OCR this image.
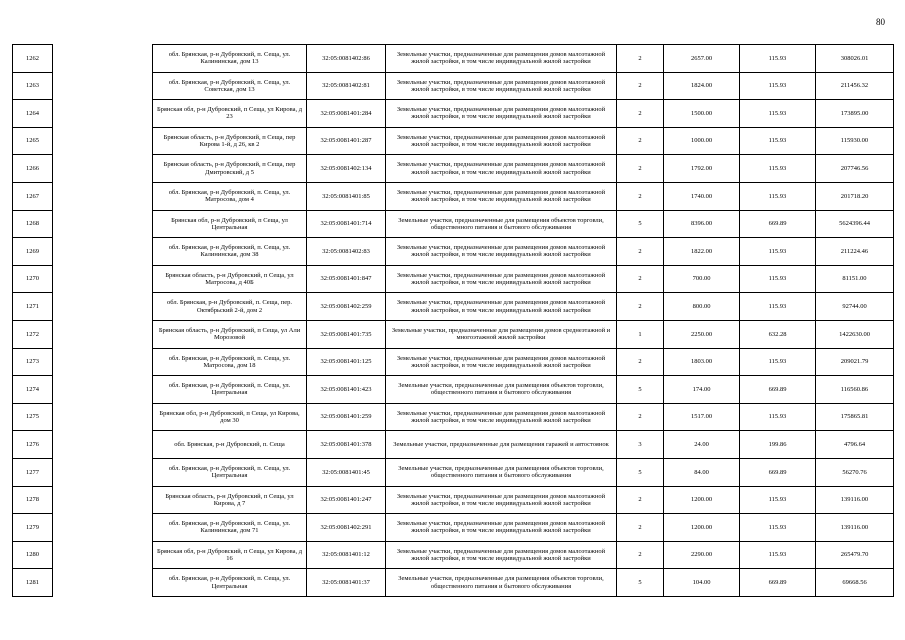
80
1262		обл. Брянская, р-н Дубровский, п. Сеща, ул. Калининская, дом 13	32:05:0081402:86	Земельные участки, предназначенные для размещения домов малоэтажной жилой застройки, в том числе индивидуальной жилой застройки	2	2657.00	115.93	308026.01
1263		обл. Брянская, р-н Дубровский, п. Сеща, ул. Советская, дом 13	32:05:0081402:81	Земельные участки, предназначенные для размещения домов малоэтажной жилой застройки, в том числе индивидуальной жилой застройки	2	1824.00	115.93	211456.32
1264		Брянская обл, р-н Дубровский, п Сеща, ул Кирова, д 23	32:05:0081401:284	Земельные участки, предназначенные для размещения домов малоэтажной жилой застройки, в том числе индивидуальной жилой застройки	2	1500.00	115.93	173895.00
1265		Брянская область, р-н Дубровский, п Сеща, пер Кирова 1-й, д 26, кв 2	32:05:0081401:287	Земельные участки, предназначенные для размещения домов малоэтажной жилой застройки, в том числе индивидуальной жилой застройки	2	1000.00	115.93	115930.00
1266		Брянская область, р-н Дубровский, п Сеща, пер Дмитровский, д 5	32:05:0081402:134	Земельные участки, предназначенные для размещения домов малоэтажной жилой застройки, в том числе индивидуальной жилой застройки	2	1792.00	115.93	207746.56
1267		обл. Брянская, р-н Дубровский, п. Сеща, ул. Матросова, дом 4	32:05:0081401:85	Земельные участки, предназначенные для размещения домов малоэтажной жилой застройки, в том числе индивидуальной жилой застройки	2	1740.00	115.93	201718.20
1268		Брянская обл, р-н Дубровский, п Сеща, ул Центральная	32:05:0081401:714	Земельные участки, предназначенные для размещения объектов торговли, общественного питания и бытового обслуживания	5	8396.00	669.89	5624396.44
1269		обл. Брянская, р-н Дубровский, п. Сеща, ул. Калининская, дом 38	32:05:0081402:83	Земельные участки, предназначенные для размещения домов малоэтажной жилой застройки, в том числе индивидуальной жилой застройки	2	1822.00	115.93	211224.46
1270		Брянская область, р-н Дубровский, п Сеща, ул Матросова, д 40Б	32:05:0081401:847	Земельные участки, предназначенные для размещения домов малоэтажной жилой застройки, в том числе индивидуальной жилой застройки	2	700.00	115.93	81151.00
1271		обл. Брянская, р-н Дубровский, п. Сеща, пер. Октябрьский 2-й, дом 2	32:05:0081402:259	Земельные участки, предназначенные для размещения домов малоэтажной жилой застройки, в том числе индивидуальной жилой застройки	2	800.00	115.93	92744.00
1272		Брянская область, р-н Дубровский, п Сеща, ул Али Морозовой	32:05:0081401:735	Земельные участки, предназначенные для размещения домов среднеэтажной и многоэтажной жилой застройки	1	2250.00	632.28	1422630.00
1273		обл. Брянская, р-н Дубровский, п. Сеща, ул. Матросова, дом 18	32:05:0081401:125	Земельные участки, предназначенные для размещения домов малоэтажной жилой застройки, в том числе индивидуальной жилой застройки	2	1803.00	115.93	209021.79
1274		обл. Брянская, р-н Дубровский, п. Сеща, ул. Центральная	32:05:0081401:423	Земельные участки, предназначенные для размещения объектов торговли, общественного питания и бытового обслуживания	5	174.00	669.89	116560.86
1275		Брянская обл, р-н Дубровский, п Сеща, ул Кирова, дом 30	32:05:0081401:259	Земельные участки, предназначенные для размещения домов малоэтажной жилой застройки, в том числе индивидуальной жилой застройки	2	1517.00	115.93	175865.81
1276		обл. Брянская, р-н Дубровский, п. Сеща	32:05:0081401:378	Земельные участки, предназначенные для размещения гаражей и автостоянок	3	24.00	199.86	4796.64
1277		обл. Брянская, р-н Дубровский, п. Сеща, ул. Центральная	32:05:0081401:45	Земельные участки, предназначенные для размещения объектов торговли, общественного питания и бытового обслуживания	5	84.00	669.89	56270.76
1278		Брянская область, р-н Дубровский, п Сеща, ул Кирова, д 7	32:05:0081401:247	Земельные участки, предназначенные для размещения домов малоэтажной жилой застройки, в том числе индивидуальной жилой застройки	2	1200.00	115.93	139116.00
1279		обл. Брянская, р-н Дубровский, п. Сеща, ул. Калининская, дом 71	32:05:0081402:291	Земельные участки, предназначенные для размещения домов малоэтажной жилой застройки, в том числе индивидуальной жилой застройки	2	1200.00	115.93	139116.00
1280		Брянская обл, р-н Дубровский, п Сеща, ул Кирова, д 16	32:05:0081401:12	Земельные участки, предназначенные для размещения домов малоэтажной жилой застройки, в том числе индивидуальной жилой застройки	2	2290.00	115.93	265479.70
1281		обл. Брянская, р-н Дубровский, п. Сеща, ул. Центральная	32:05:0081401:37	Земельные участки, предназначенные для размещения объектов торговли, общественного питания и бытового обслуживания	5	104.00	669.89	69668.56
